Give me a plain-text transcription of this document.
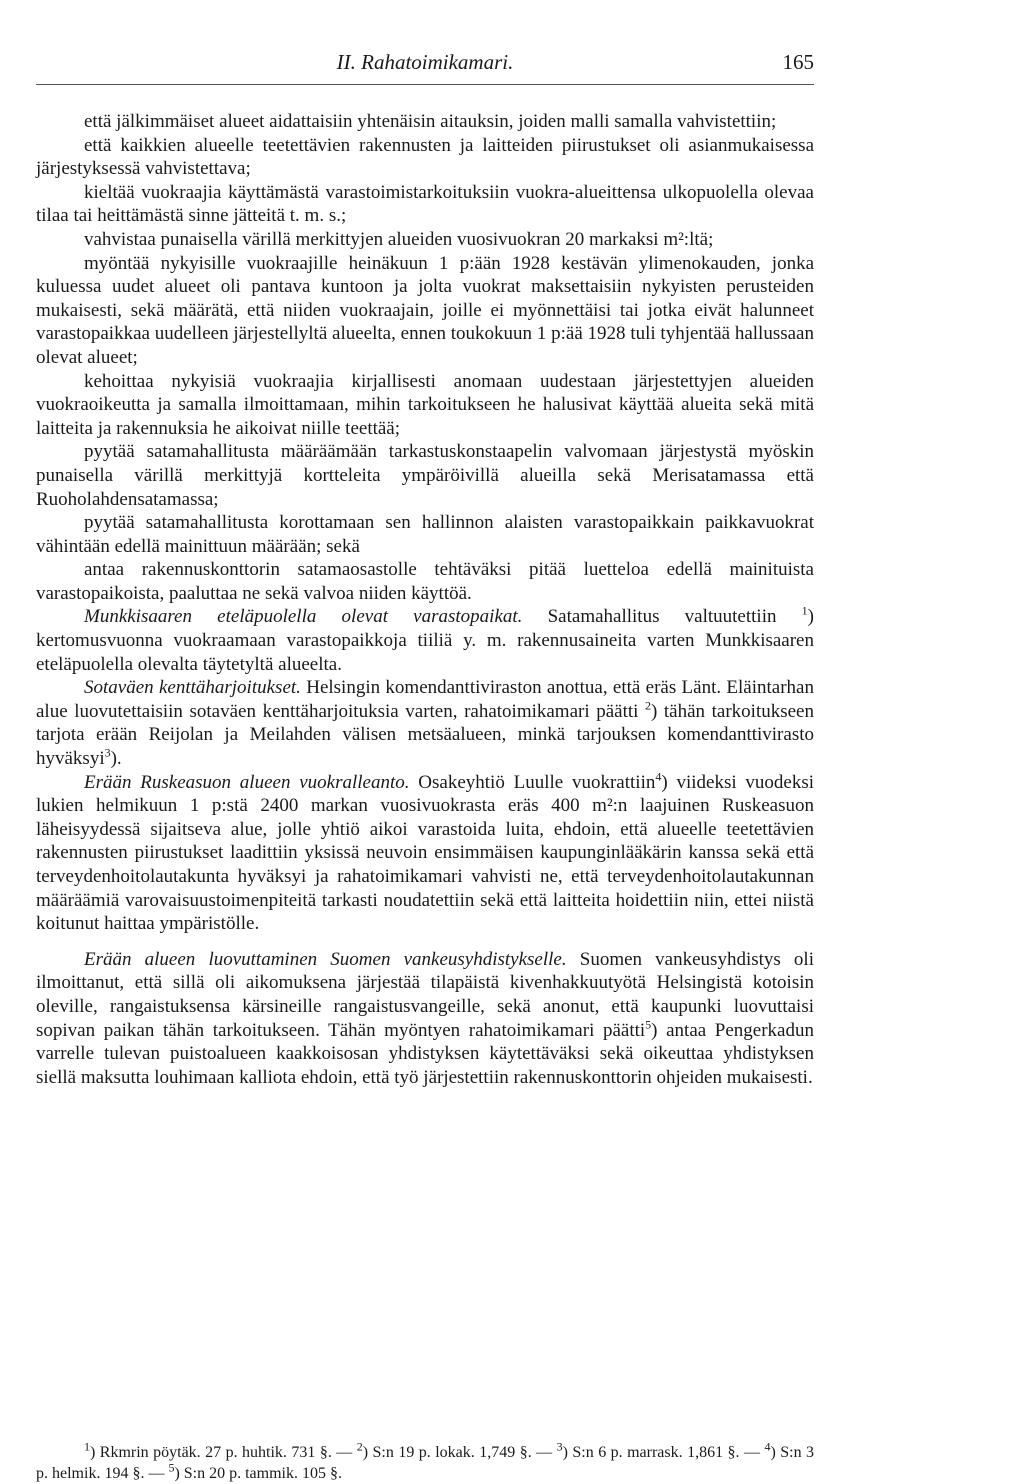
II. Rahatoimikamari.	165

että jälkimmäiset alueet aidattaisiin yhtenäisin aitauksin, joiden malli samalla vahvistettiin;

että kaikkien alueelle teetettävien rakennusten ja laitteiden piirustukset oli asianmukaisessa järjestyksessä vahvistettava;

kieltää vuokraajia käyttämästä varastoimistarkoituksiin vuokra-alueittensa ulkopuolella olevaa tilaa tai heittämästä sinne jätteitä t. m. s.;

vahvistaa punaisella värillä merkittyjen alueiden vuosivuokran 20 markaksi m²:ltä;

myöntää nykyisille vuokraajille heinäkuun 1 p:ään 1928 kestävän ylimenokauden, jonka kuluessa uudet alueet oli pantava kuntoon ja jolta vuokrat maksettaisiin nykyisten perusteiden mukaisesti, sekä määrätä, että niiden vuokraajain, joille ei myönnettäisi tai jotka eivät halunneet varastopaikkaa uudelleen järjestellyltä alueelta, ennen toukokuun 1 p:ää 1928 tuli tyhjentää hallussaan olevat alueet;

kehoittaa nykyisiä vuokraajia kirjallisesti anomaan uudestaan järjestettyjen alueiden vuokraoikeutta ja samalla ilmoittamaan, mihin tarkoitukseen he halusivat käyttää alueita sekä mitä laitteita ja rakennuksia he aikoivat niille teettää;

pyytää satamahallitusta määräämään tarkastuskonstaapelin valvomaan järjestystä myöskin punaisella värillä merkittyjä kortteleita ympäröivillä alueilla sekä Merisatamassa että Ruoholahdensatamassa;

pyytää satamahallitusta korottamaan sen hallinnon alaisten varastopaikkain paikkavuokrat vähintään edellä mainittuun määrään; sekä

antaa rakennuskonttorin satamaosastolle tehtäväksi pitää luetteloa edellä mainituista varastopaikoista, paaluttaa ne sekä valvoa niiden käyttöä.

Munkkisaaren eteläpuolella olevat varastopaikat. Satamahallitus valtuutettiin $^1$) kertomusvuonna vuokraamaan varastopaikkoja tiiliä y. m. rakennusaineita varten Munkkisaaren eteläpuolella olevalta täytetyltä alueelta.

Sotaväen kenttäharjoitukset. Helsingin komendanttiviraston anottua, että eräs Länt. Eläintarhan alue luovutettaisiin sotaväen kenttäharjoituksia varten, rahatoimikamari päätti $^2$) tähän tarkoitukseen tarjota erään Reijolan ja Meilahden välisen metsäalueen, minkä tarjouksen komendanttivirasto hyväksyi$^3$).

Erään Ruskeasuon alueen vuokralleanto. Osakeyhtiö Luulle vuokrattiin$^4$) viideksi vuodeksi lukien helmikuun 1 p:stä 2400 markan vuosivuokrasta eräs 400 m²:n laajuinen Ruskeasuon läheisyydessä sijaitseva alue, jolle yhtiö aikoi varastoida luita, ehdoin, että alueelle teetettävien rakennusten piirustukset laadittiin yksissä neuvoin ensimmäisen kaupunginlääkärin kanssa sekä että terveydenhoitolautakunta hyväksyi ja rahatoimikamari vahvisti ne, että terveydenhoitolautakunnan määräämiä varovaisuustoimenpiteitä tarkasti noudatettiin sekä että laitteita hoidettiin niin, ettei niistä koitunut haittaa ympäristölle.

Erään alueen luovuttaminen Suomen vankeusyhdistykselle. Suomen vankeusyhdistys oli ilmoittanut, että sillä oli aikomuksena järjestää tilapäistä kivenhakkuutyötä Helsingistä kotoisin oleville, rangaistuksensa kärsineille rangaistusvangeille, sekä anonut, että kaupunki luovuttaisi sopivan paikan tähän tarkoitukseen. Tähän myöntyen rahatoimikamari päätti$^5$) antaa Pengerkadun varrelle tulevan puistoalueen kaakkoisosan yhdistyksen käytettäväksi sekä oikeuttaa yhdistyksen siellä maksutta louhimaan kalliota ehdoin, että työ järjestettiin rakennuskonttorin ohjeiden mukaisesti.

$^1$) Rkmrin pöytäk. 27 p. huhtik. 731 §. — $^2$) S:n 19 p. lokak. 1,749 §. — $^3$) S:n 6 p. marrask. 1,861 §. — $^4$) S:n 3 p. helmik. 194 §. — $^5$) S:n 20 p. tammik. 105 §.
